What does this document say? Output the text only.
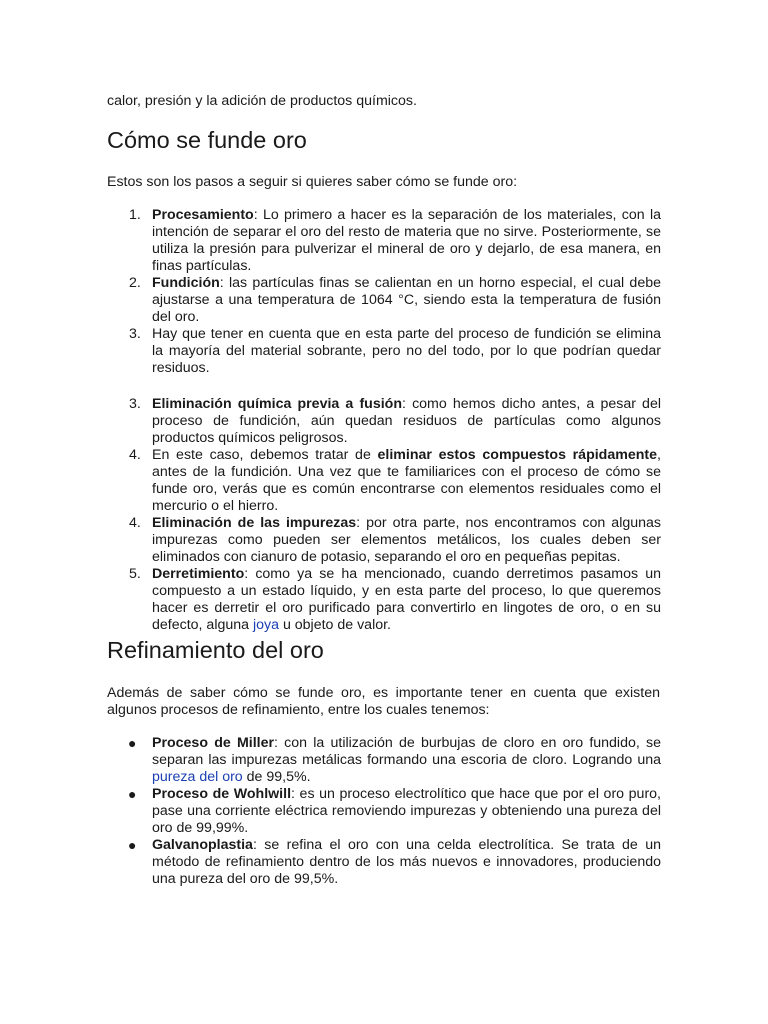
calor, presión y la adición de productos químicos.

Cómo se funde oro

Estos son los pasos a seguir si quieres saber cómo se funde oro:

1. Procesamiento: Lo primero a hacer es la separación de los materiales, con la intención de separar el oro del resto de materia que no sirve. Posteriormente, se utiliza la presión para pulverizar el mineral de oro y dejarlo, de esa manera, en finas partículas.
2. Fundición: las partículas finas se calientan en un horno especial, el cual debe ajustarse a una temperatura de 1064 °C, siendo esta la temperatura de fusión del oro.
3. Hay que tener en cuenta que en esta parte del proceso de fundición se elimina la mayoría del material sobrante, pero no del todo, por lo que podrían quedar residuos.
3. Eliminación química previa a fusión: como hemos dicho antes, a pesar del proceso de fundición, aún quedan residuos de partículas como algunos productos químicos peligrosos.
4. En este caso, debemos tratar de eliminar estos compuestos rápidamente, antes de la fundición. Una vez que te familiarices con el proceso de cómo se funde oro, verás que es común encontrarse con elementos residuales como el mercurio o el hierro.
4. Eliminación de las impurezas: por otra parte, nos encontramos con algunas impurezas como pueden ser elementos metálicos, los cuales deben ser eliminados con cianuro de potasio, separando el oro en pequeñas pepitas.
5. Derretimiento: como ya se ha mencionado, cuando derretimos pasamos un compuesto a un estado líquido, y en esta parte del proceso, lo que queremos hacer es derretir el oro purificado para convertirlo en lingotes de oro, o en su defecto, alguna joya u objeto de valor.
Refinamiento del oro

Además de saber cómo se funde oro, es importante tener en cuenta que existen algunos procesos de refinamiento, entre los cuales tenemos:

● Proceso de Miller: con la utilización de burbujas de cloro en oro fundido, se separan las impurezas metálicas formando una escoria de cloro. Logrando una pureza del oro de 99,5%.
● Proceso de Wohlwill: es un proceso electrolítico que hace que por el oro puro, pase una corriente eléctrica removiendo impurezas y obteniendo una pureza del oro de 99,99%.
● Galvanoplastia: se refina el oro con una celda electrolítica. Se trata de un método de refinamiento dentro de los más nuevos e innovadores, produciendo una pureza del oro de 99,5%.
